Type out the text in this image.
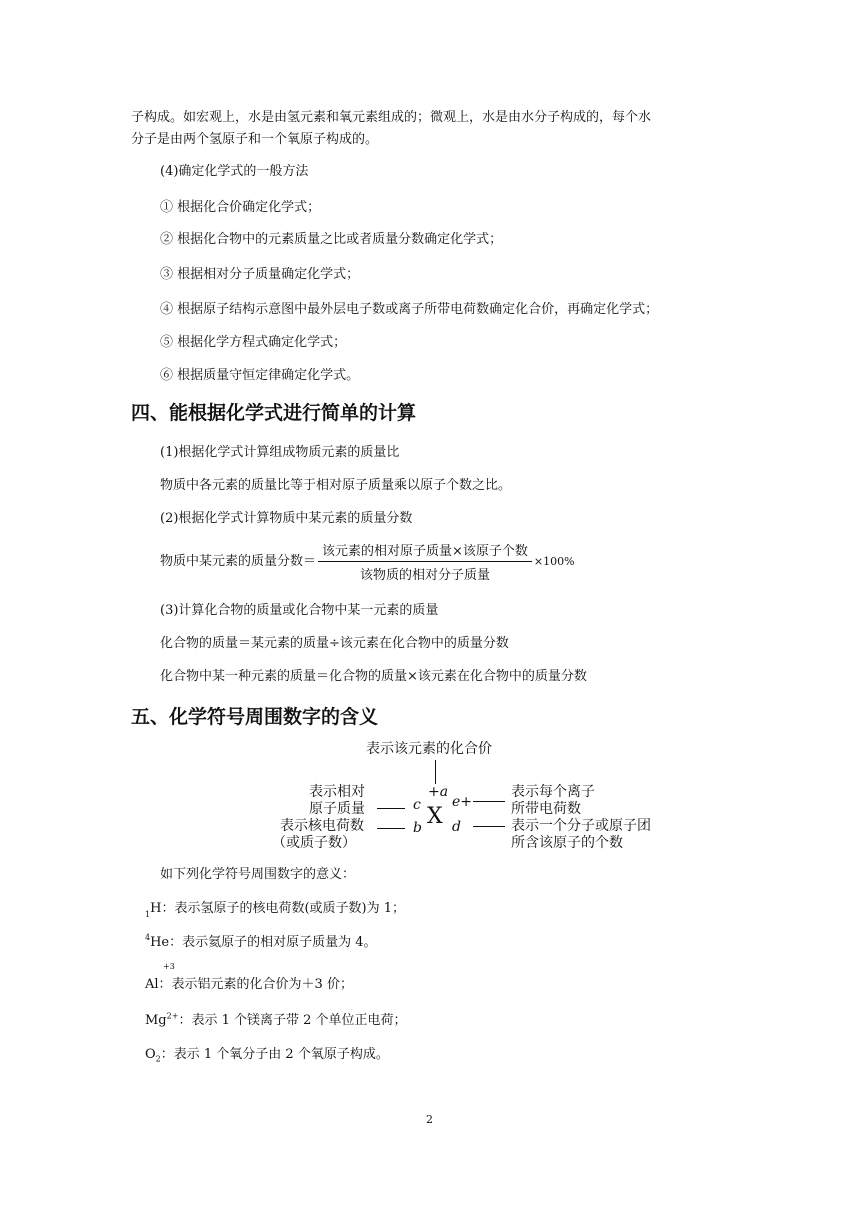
子构成。如宏观上，水是由氢元素和氧元素组成的；微观上，水是由水分子构成的，每个水
分子是由两个氢原子和一个氧原子构成的。
(4)确定化学式的一般方法
① 根据化合价确定化学式；
② 根据化合物中的元素质量之比或者质量分数确定化学式；
③ 根据相对分子质量确定化学式；
④ 根据原子结构示意图中最外层电子数或离子所带电荷数确定化合价，再确定化学式；
⑤ 根据化学方程式确定化学式；
⑥ 根据质量守恒定律确定化学式。
四、能根据化学式进行简单的计算
(1)根据化学式计算组成物质元素的质量比
物质中各元素的质量比等于相对原子质量乘以原子个数之比。
(2)根据化学式计算物质中某元素的质量分数
物质中某元素的质量分数＝ $\frac{\text{该元素的相对原子质量×该原子个数}}{\text{该物质的相对分子质量}} \times 100\%$
(3)计算化合物的质量或化合物中某一元素的质量
化合物的质量＝某元素的质量÷该元素在化合物中的质量分数
化合物中某一种元素的质量＝化合物的质量×该元素在化合物中的质量分数
五、化学符号周围数字的含义
表示该元素的化合价
表示相对
原子质量
表示核电荷数
（或质子数）
c
+a
e+
b X d
表示每个离子
所带电荷数
表示一个分子或原子团
所含该原子的个数
如下列化学符号周围数字的意义：
$_1$H：表示氢原子的核电荷数(或质子数)为 1；
$^4$He：表示氦原子的相对原子质量为 4。
+3
Al：表示铝元素的化合价为＋3 价；
$Mg^{2+}$：表示 1 个镁离子带 2 个单位正电荷；
$O_2$：表示 1 个氧分子由 2 个氧原子构成。
2
